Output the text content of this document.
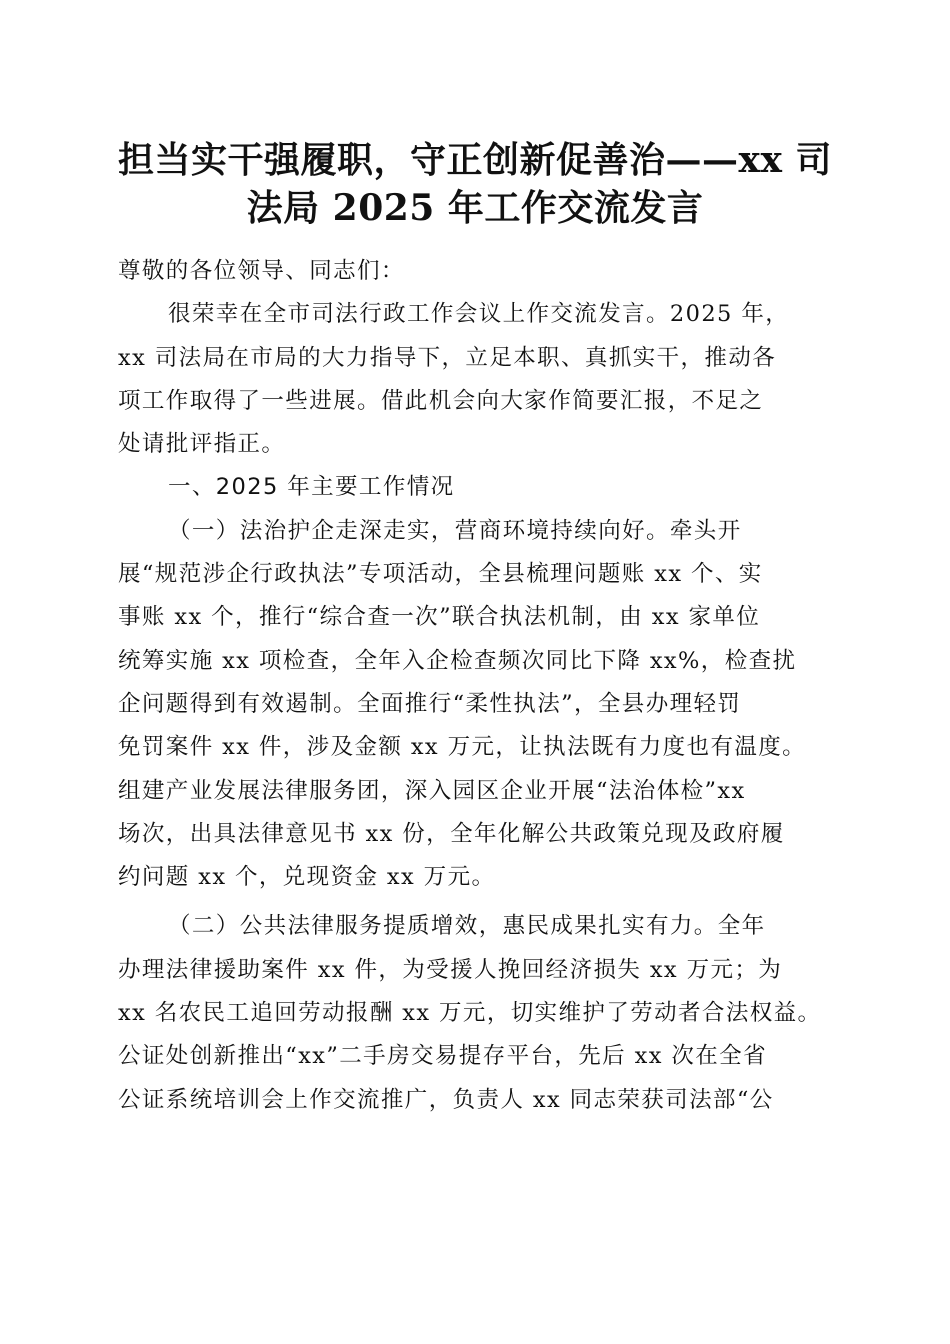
担当实干强履职，守正创新促善治——xx 司
法局 2025 年工作交流发言
尊敬的各位领导、同志们：
很荣幸在全市司法行政工作会议上作交流发言。2025 年，
xx 司法局在市局的大力指导下，立足本职、真抓实干，推动各
项工作取得了一些进展。借此机会向大家作简要汇报，不足之
处请批评指正。
一、2025 年主要工作情况
（一）法治护企走深走实，营商环境持续向好。牵头开
展“规范涉企行政执法”专项活动，全县梳理问题账 xx 个、实
事账 xx 个，推行“综合查一次”联合执法机制，由 xx 家单位
统筹实施 xx 项检查，全年入企检查频次同比下降 xx%，检查扰
企问题得到有效遏制。全面推行“柔性执法”，全县办理轻罚
免罚案件 xx 件，涉及金额 xx 万元，让执法既有力度也有温度。
组建产业发展法律服务团，深入园区企业开展“法治体检”xx
场次，出具法律意见书 xx 份，全年化解公共政策兑现及政府履
约问题 xx 个，兑现资金 xx 万元。
（二）公共法律服务提质增效，惠民成果扎实有力。全年
办理法律援助案件 xx 件，为受援人挽回经济损失 xx 万元；为
xx 名农民工追回劳动报酬 xx 万元，切实维护了劳动者合法权益。
公证处创新推出“xx”二手房交易提存平台，先后 xx 次在全省
公证系统培训会上作交流推广，负责人 xx 同志荣获司法部“公
